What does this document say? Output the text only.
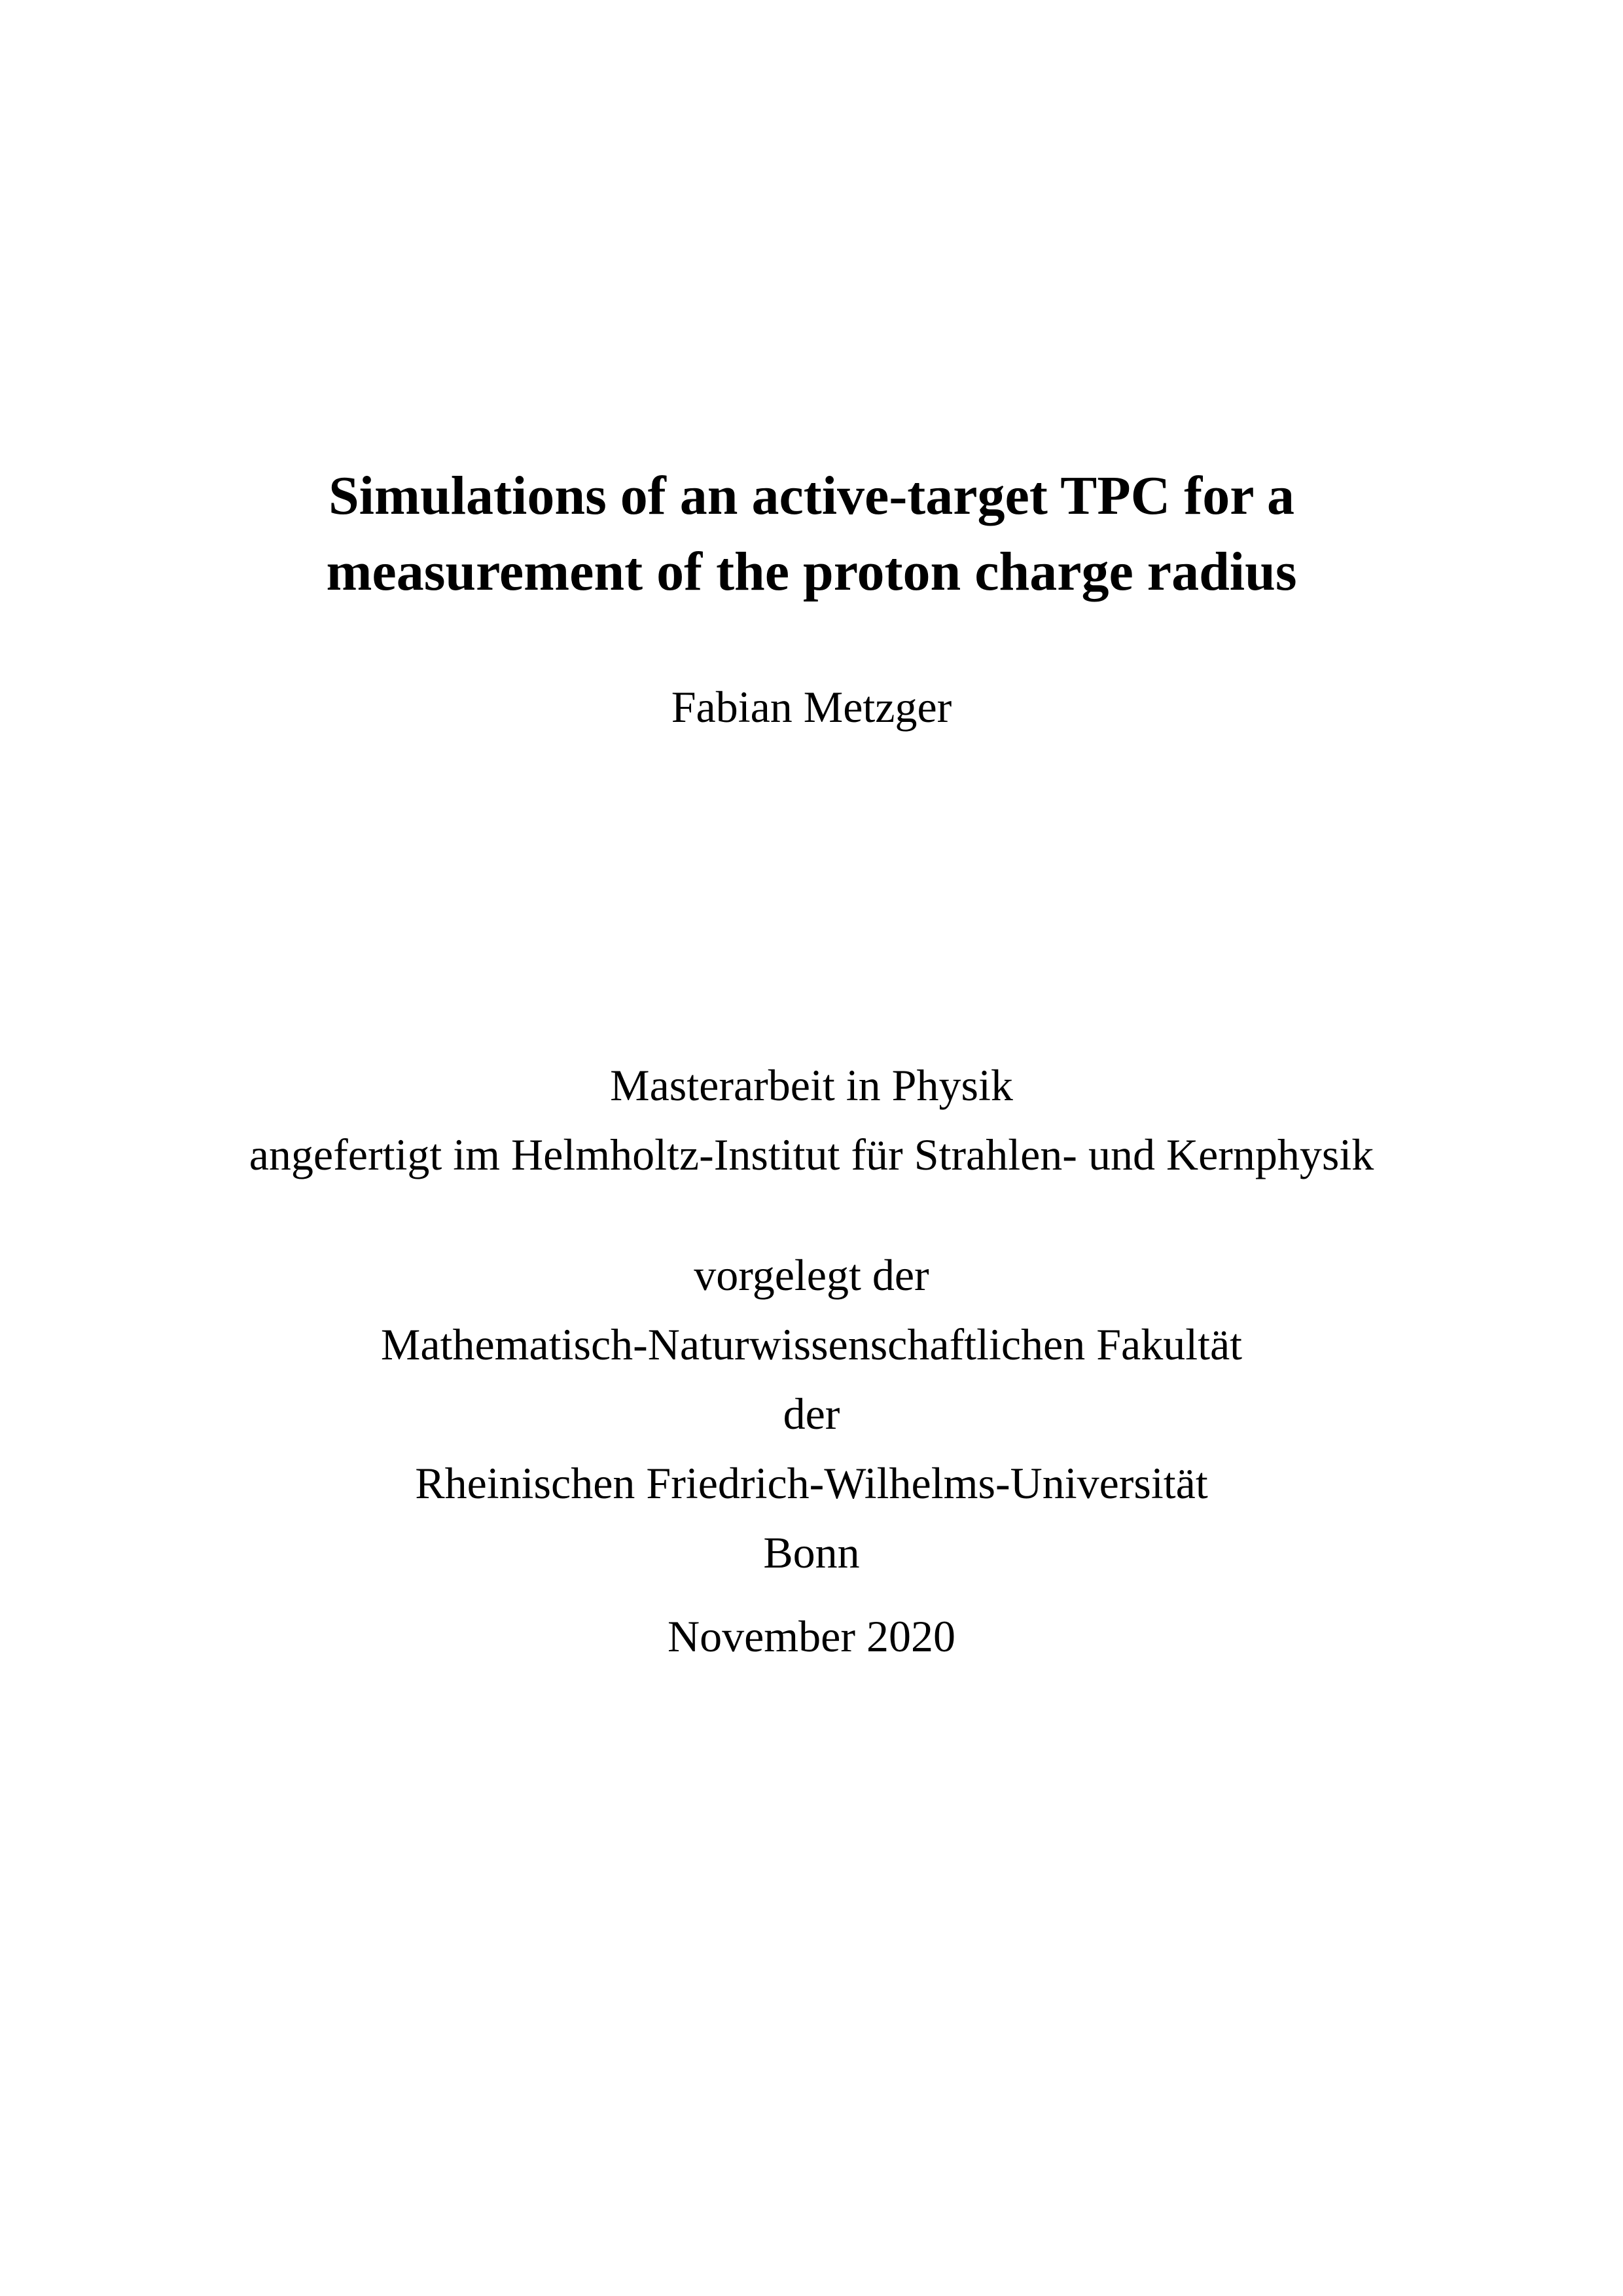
Simulations of an active-target TPC for a
measurement of the proton charge radius
Fabian Metzger
Masterarbeit in Physik
angefertigt im Helmholtz-Institut für Strahlen- und Kernphysik
vorgelegt der
Mathematisch-Naturwissenschaftlichen Fakultät
der
Rheinischen Friedrich-Wilhelms-Universität
Bonn
November 2020
